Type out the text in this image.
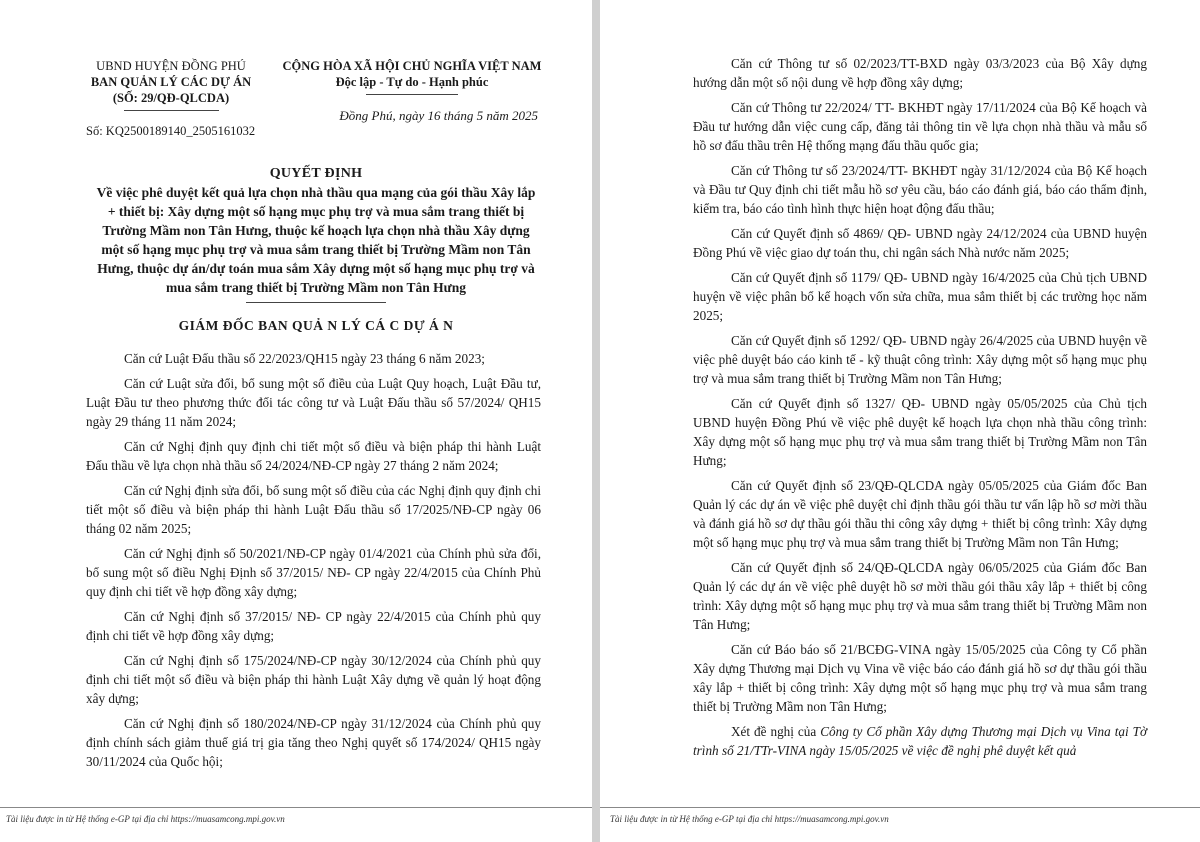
UBND HUYỆN ĐỒNG PHÚ
BAN QUẢN LÝ CÁC DỰ ÁN
(SỐ: 29/QĐ-QLCDA)
Số: KQ2500189140_2505161032
CỘNG HÒA XÃ HỘI CHỦ NGHĨA VIỆT NAM
Độc lập - Tự do - Hạnh phúc
Đồng Phú, ngày 16 tháng 5 năm 2025
QUYẾT ĐỊNH
Về việc phê duyệt kết quả lựa chọn nhà thầu qua mạng của gói thầu Xây lắp + thiết bị: Xây dựng một số hạng mục phụ trợ và mua sắm trang thiết bị Trường Mầm non Tân Hưng, thuộc kế hoạch lựa chọn nhà thầu Xây dựng một số hạng mục phụ trợ và mua sắm trang thiết bị Trường Mầm non Tân Hưng, thuộc dự án/dự toán mua sắm Xây dựng một số hạng mục phụ trợ và mua sắm trang thiết bị Trường Mầm non Tân Hưng
GIÁM ĐỐC BAN QUẢ N LÝ CÁ C DỰ Á N

Căn cứ Luật Đấu thầu số 22/2023/QH15 ngày 23 tháng 6 năm 2023;

Căn cứ Luật sửa đổi, bổ sung một số điều của Luật Quy hoạch, Luật Đầu tư, Luật Đầu tư theo phương thức đối tác công tư và Luật Đấu thầu số 57/2024/ QH15 ngày 29 tháng 11 năm 2024;

Căn cứ Nghị định quy định chi tiết một số điều và biện pháp thi hành Luật Đấu thầu về lựa chọn nhà thầu số 24/2024/NĐ-CP ngày 27 tháng 2 năm 2024;

Căn cứ Nghị định sửa đổi, bổ sung một số điều của các Nghị định quy định chi tiết một số điều và biện pháp thi hành Luật Đấu thầu số 17/2025/NĐ-CP ngày 06 tháng 02 năm 2025;

Căn cứ Nghị định số 50/2021/NĐ-CP ngày 01/4/2021 của Chính phủ sửa đổi, bổ sung một số điều Nghị Định số 37/2015/ NĐ- CP ngày 22/4/2015 của Chính Phủ quy định chi tiết về hợp đồng xây dựng;

Căn cứ Nghị định số 37/2015/ NĐ- CP ngày 22/4/2015 của Chính phủ quy định chi tiết về hợp đồng xây dựng;

Căn cứ Nghị định số 175/2024/NĐ-CP ngày 30/12/2024 của Chính phủ quy định chi tiết một số điều và biện pháp thi hành Luật Xây dựng về quản lý hoạt động xây dựng;

Căn cứ Nghị định số 180/2024/NĐ-CP ngày 31/12/2024 của Chính phủ quy định chính sách giảm thuế giá trị gia tăng theo Nghị quyết số 174/2024/ QH15 ngày 30/11/2024 của Quốc hội;

Tài liệu được in từ Hệ thống e-GP tại địa chỉ https://muasamcong.mpi.gov.vn	Tài liệu được in từ Hệ thống e-GP tại địa chỉ https://muasamcong.mpi.gov.vn

Căn cứ Thông tư số 02/2023/TT-BXD ngày 03/3/2023 của Bộ Xây dựng hướng dẫn một số nội dung về hợp đồng xây dựng;

Căn cứ Thông tư 22/2024/ TT- BKHĐT ngày 17/11/2024 của Bộ Kế hoạch và Đầu tư hướng dẫn việc cung cấp, đăng tải thông tin về lựa chọn nhà thầu và mẫu số hồ sơ đấu thầu trên Hệ thống mạng đấu thầu quốc gia;

Căn cứ Thông tư số 23/2024/TT- BKHĐT ngày 31/12/2024 của Bộ Kế hoạch và Đầu tư Quy định chi tiết mẫu hồ sơ yêu cầu, báo cáo đánh giá, báo cáo thẩm định, kiểm tra, báo cáo tình hình thực hiện hoạt động đấu thầu;

Căn cứ Quyết định số 4869/ QĐ- UBND ngày 24/12/2024 của UBND huyện Đồng Phú về việc giao dự toán thu, chi ngân sách Nhà nước năm 2025;

Căn cứ Quyết định số 1179/ QĐ- UBND ngày 16/4/2025 của Chủ tịch UBND huyện về việc phân bổ kế hoạch vốn sửa chữa, mua sắm thiết bị các trường học năm 2025;

Căn cứ Quyết định số 1292/ QĐ- UBND ngày 26/4/2025 của UBND huyện về việc phê duyệt báo cáo kinh tế - kỹ thuật công trình: Xây dựng một số hạng mục phụ trợ và mua sắm trang thiết bị Trường Mầm non Tân Hưng;

Căn cứ Quyết định số 1327/ QĐ- UBND ngày 05/05/2025 của Chủ tịch UBND huyện Đồng Phú về việc phê duyệt kế hoạch lựa chọn nhà thầu công trình: Xây dựng một số hạng mục phụ trợ và mua sắm trang thiết bị Trường Mầm non Tân Hưng;

Căn cứ Quyết định số 23/QĐ-QLCDA ngày 05/05/2025 của Giám đốc Ban Quản lý các dự án về việc phê duyệt chỉ định thầu gói thầu tư vấn lập hồ sơ mời thầu và đánh giá hồ sơ dự thầu gói thầu thi công xây dựng + thiết bị công trình: Xây dựng một số hạng mục phụ trợ và mua sắm trang thiết bị Trường Mầm non Tân Hưng;

Căn cứ Quyết định số 24/QĐ-QLCDA ngày 06/05/2025 của Giám đốc Ban Quản lý các dự án về việc phê duyệt hồ sơ mời thầu gói thầu xây lắp + thiết bị công trình: Xây dựng một số hạng mục phụ trợ và mua sắm trang thiết bị Trường Mầm non Tân Hưng;

Căn cứ Báo báo số 21/BCĐG-VINA ngày 15/05/2025 của Công ty Cổ phần Xây dựng Thương mại Dịch vụ Vina về việc báo cáo đánh giá hồ sơ dự thầu gói thầu xây lắp + thiết bị công trình: Xây dựng một số hạng mục phụ trợ và mua sắm trang thiết bị Trường Mầm non Tân Hưng;

Xét đề nghị của Công ty Cổ phần Xây dựng Thương mại Dịch vụ Vina tại Tờ trình số 21/TTr-VINA ngày 15/05/2025 về việc đề nghị phê duyệt kết quả
